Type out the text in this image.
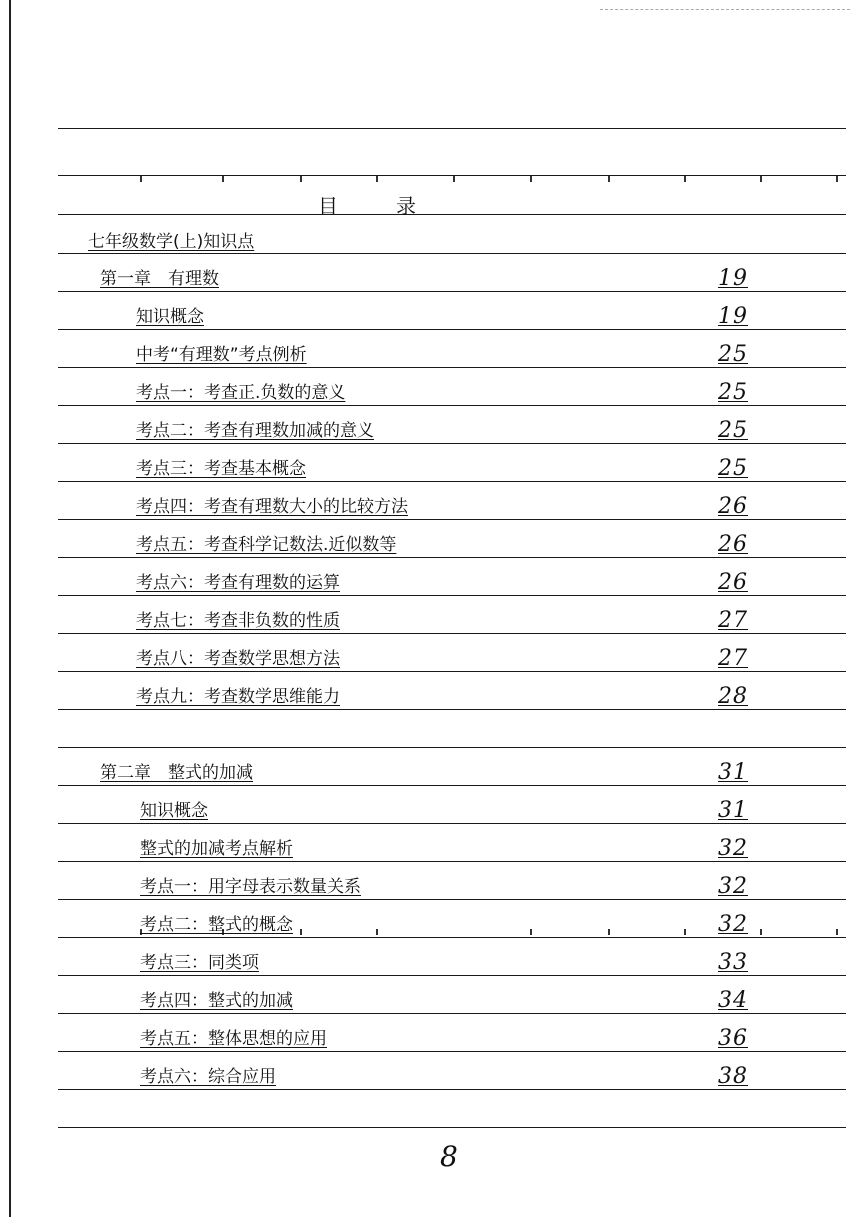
目录
七年级数学(上)知识点
第一章　有理数	19
知识概念	19
中考“有理数”考点例析	25
考点一：考查正.负数的意义	25
考点二：考查有理数加减的意义	25
考点三：考查基本概念	25
考点四：考查有理数大小的比较方法	26
考点五：考查科学记数法.近似数等	26
考点六：考查有理数的运算	26
考点七：考查非负数的性质	27
考点八：考查数学思想方法	27
考点九：考查数学思维能力	28
第二章　整式的加减	31
知识概念	31
整式的加减考点解析	32
考点一：用字母表示数量关系	32
考点二：整式的概念	32
考点三：同类项	33
考点四：整式的加减	34
考点五：整体思想的应用	36
考点六：综合应用	38
8
